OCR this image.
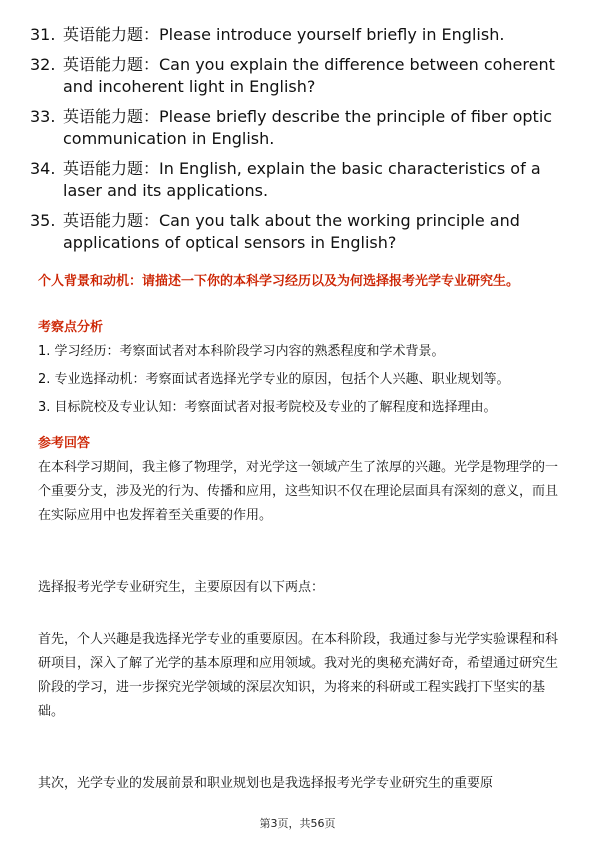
31. 英语能力题：Please introduce yourself briefly in English.
32. 英语能力题：Can you explain the difference between coherent and incoherent light in English?
33. 英语能力题：Please briefly describe the principle of fiber optic communication in English.
34. 英语能力题：In English, explain the basic characteristics of a laser and its applications.
35. 英语能力题：Can you talk about the working principle and applications of optical sensors in English?
个人背景和动机：请描述一下你的本科学习经历以及为何选择报考光学专业研究生。
考察点分析
1. 学习经历：考察面试者对本科阶段学习内容的熟悉程度和学术背景。
2. 专业选择动机：考察面试者选择光学专业的原因，包括个人兴趣、职业规划等。
3. 目标院校及专业认知：考察面试者对报考院校及专业的了解程度和选择理由。
参考回答
在本科学习期间，我主修了物理学，对光学这一领域产生了浓厚的兴趣。光学是物理学的一个重要分支，涉及光的行为、传播和应用，这些知识不仅在理论层面具有深刻的意义，而且在实际应用中也发挥着至关重要的作用。
选择报考光学专业研究生，主要原因有以下两点：
首先，个人兴趣是我选择光学专业的重要原因。在本科阶段，我通过参与光学实验课程和科研项目，深入了解了光学的基本原理和应用领域。我对光的奥秘充满好奇，希望通过研究生阶段的学习，进一步探究光学领域的深层次知识，为将来的科研或工程实践打下坚实的基础。
其次，光学专业的发展前景和职业规划也是我选择报考光学专业研究生的重要原
第3页，共56页
